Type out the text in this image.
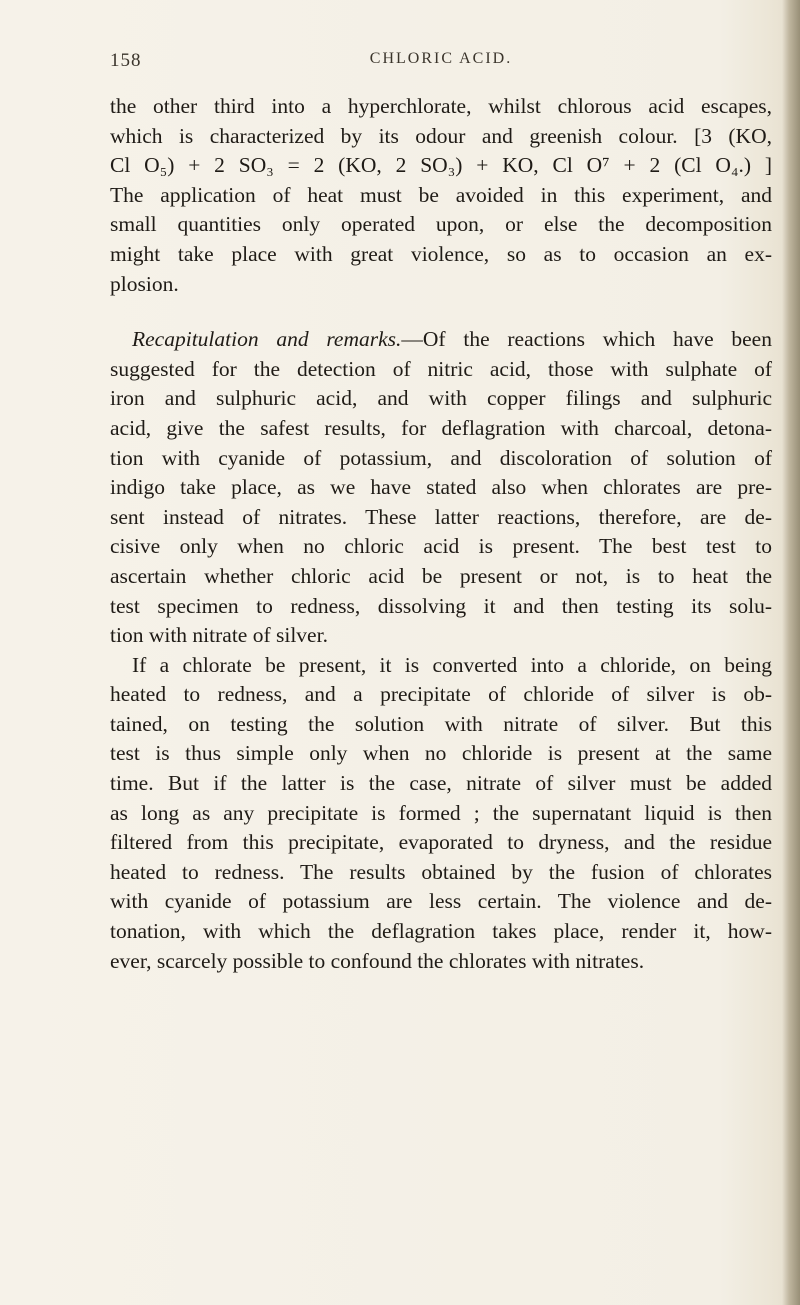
158	CHLORIC ACID.
the other third into a hyperchlorate, whilst chlorous acid escapes,
which is characterized by its odour and greenish colour. [3 (KO,
Cl O₅) + 2 SO₃ = 2 (KO, 2 SO₃) + KO, Cl O⁷ + 2 (Cl O₄.) ]
The application of heat must be avoided in this experiment, and
small quantities only operated upon, or else the decomposition
might take place with great violence, so as to occasion an ex-
plosion.
Recapitulation and remarks.—Of the reactions which have been
suggested for the detection of nitric acid, those with sulphate of
iron and sulphuric acid, and with copper filings and sulphuric
acid, give the safest results, for deflagration with charcoal, detona-
tion with cyanide of potassium, and discoloration of solution of
indigo take place, as we have stated also when chlorates are pre-
sent instead of nitrates. These latter reactions, therefore, are de-
cisive only when no chloric acid is present. The best test to
ascertain whether chloric acid be present or not, is to heat the
test specimen to redness, dissolving it and then testing its solu-
tion with nitrate of silver.
If a chlorate be present, it is converted into a chloride, on being
heated to redness, and a precipitate of chloride of silver is ob-
tained, on testing the solution with nitrate of silver. But this
test is thus simple only when no chloride is present at the same
time. But if the latter is the case, nitrate of silver must be added
as long as any precipitate is formed ; the supernatant liquid is then
filtered from this precipitate, evaporated to dryness, and the residue
heated to redness. The results obtained by the fusion of chlorates
with cyanide of potassium are less certain. The violence and de-
tonation, with which the deflagration takes place, render it, how-
ever, scarcely possible to confound the chlorates with nitrates.
